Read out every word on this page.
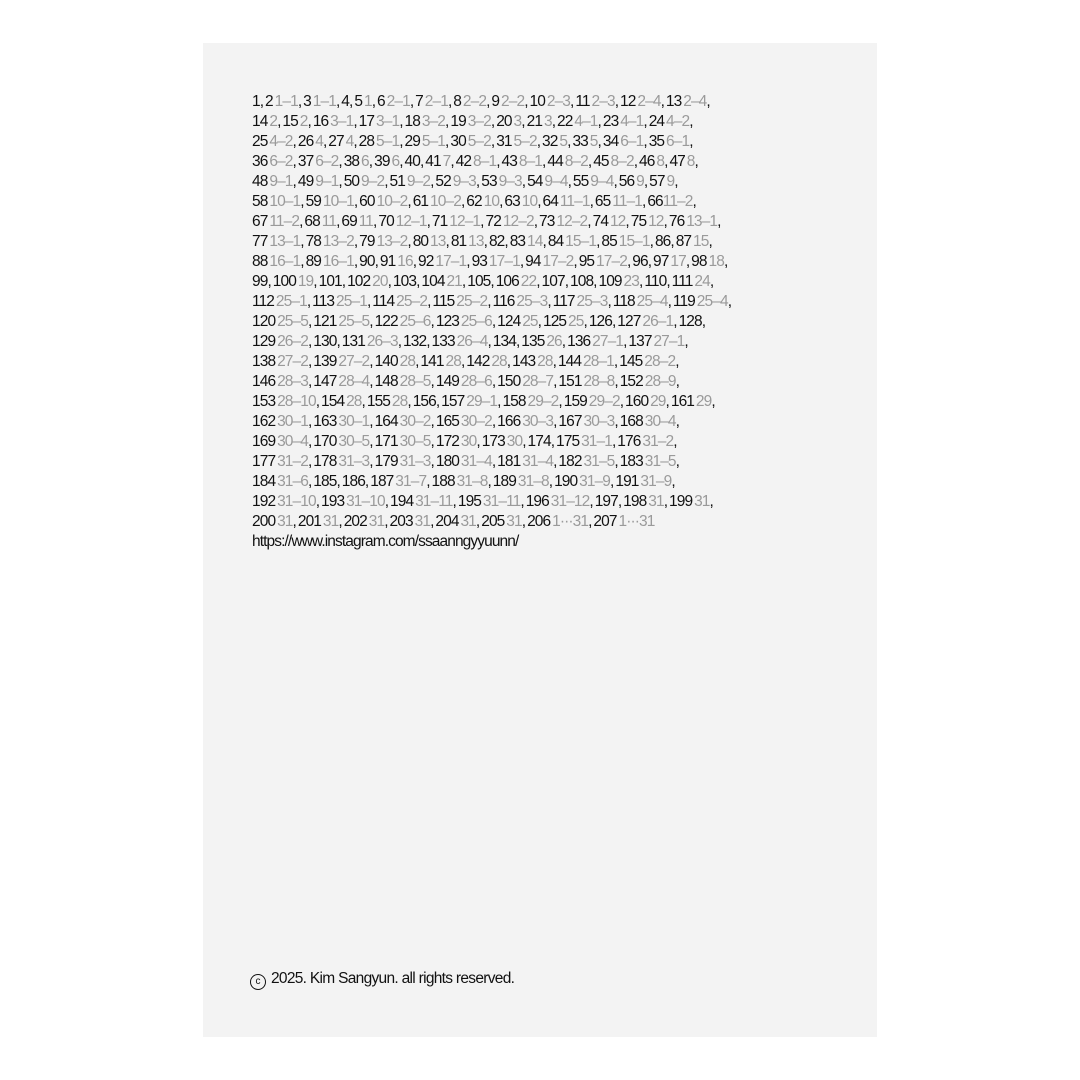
1, 2 1–1, 3 1–1, 4, 5 1, 6 2–1, 7 2–1, 8 2–2, 9 2–2, 10 2–3, 11 2–3, 12 2–4, 13 2–4,
14 2, 15 2, 16 3–1, 17 3–1, 18 3–2, 19 3–2, 20 3, 21 3, 22 4–1, 23 4–1, 24 4–2,
25 4–2, 26 4, 27 4, 28 5–1, 29 5–1, 30 5–2, 31 5–2, 32 5, 33 5, 34 6–1, 35 6–1,
36 6–2, 37 6–2, 38 6, 39 6, 40, 41 7, 42 8–1, 43 8–1, 44 8–2, 45 8–2, 46 8, 47 8,
48 9–1, 49 9–1, 50 9–2, 51 9–2, 52 9–3, 53 9–3, 54 9–4, 55 9–4, 56 9, 57 9,
58 10–1, 59 10–1, 60 10–2, 61 10–2, 62 10, 63 10, 64 11–1, 65 11–1, 6611–2,
67 11–2, 68 11, 69 11, 70 12–1, 71 12–1, 72 12–2, 73 12–2, 74 12, 75 12, 76 13–1,
77 13–1, 78 13–2, 79 13–2, 80 13, 81 13, 82, 83 14, 84 15–1, 85 15–1, 86, 87 15,
88 16–1, 89 16–1, 90, 91 16, 92 17–1, 93 17–1, 94 17–2, 95 17–2, 96, 97 17, 98 18,
99, 100 19, 101, 102 20, 103, 104 21, 105, 106 22, 107, 108, 109 23, 110, 111 24,
112 25–1, 113 25–1, 114 25–2, 115 25–2, 116 25–3, 117 25–3, 118 25–4, 119 25–4,
120 25–5, 121 25–5, 122 25–6, 123 25–6, 124 25, 125 25, 126, 127 26–1, 128,
129 26–2, 130, 131 26–3, 132, 133 26–4, 134, 135 26, 136 27–1, 137 27–1,
138 27–2, 139 27–2, 140 28, 141 28, 142 28, 143 28, 144 28–1, 145 28–2,
146 28–3, 147 28–4, 148 28–5, 149 28–6, 150 28–7, 151 28–8, 152 28–9,
153 28–10, 154 28, 155 28, 156, 157 29–1, 158 29–2, 159 29–2, 160 29, 161 29,
162 30–1, 163 30–1, 164 30–2, 165 30–2, 166 30–3, 167 30–3, 168 30–4,
169 30–4, 170 30–5, 171 30–5, 172 30, 173 30, 174, 175 31–1, 176 31–2,
177 31–2, 178 31–3, 179 31–3, 180 31–4, 181 31–4, 182 31–5, 183 31–5,
184 31–6, 185, 186, 187 31–7, 188 31–8, 189 31–8, 190 31–9, 191 31–9,
192 31–10, 193 31–10, 194 31–11, 195 31–11, 196 31–12, 197, 198 31, 199 31,
200 31, 201 31, 202 31, 203 31, 204 31, 205 31, 206 1···31, 207 1···31
https://www.instagram.com/ssaanngyyuunn/
c 2025. Kim Sangyun. all rights reserved.
